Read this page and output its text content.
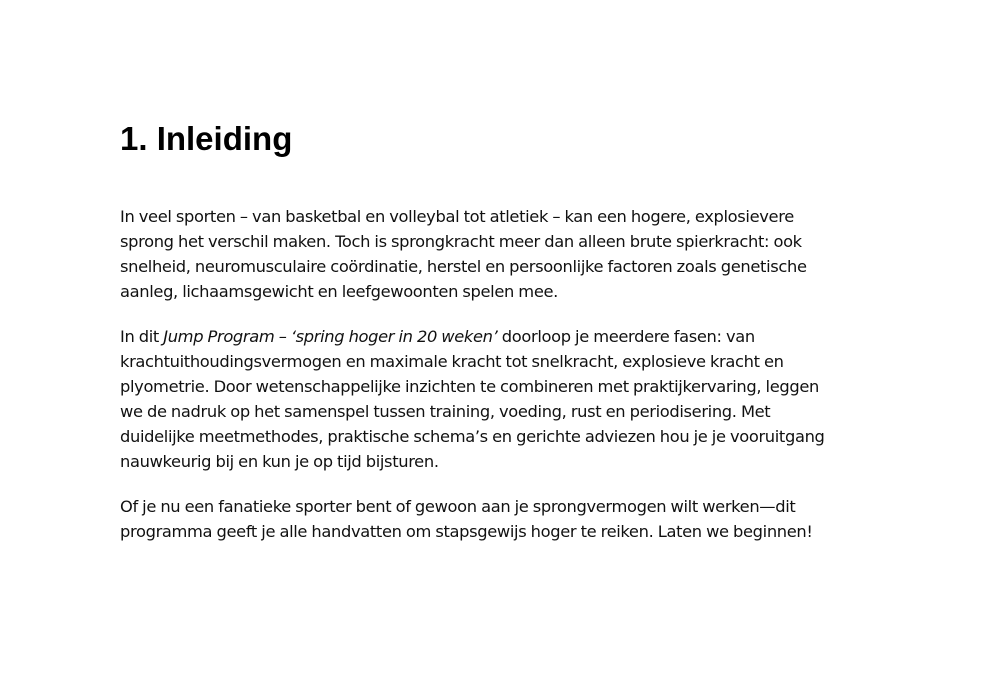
1. Inleiding

In veel sporten – van basketbal en volleybal tot atletiek – kan een hogere, explosievere
sprong het verschil maken. Toch is sprongkracht meer dan alleen brute spierkracht: ook
snelheid, neuromusculaire coördinatie, herstel en persoonlijke factoren zoals genetische
aanleg, lichaamsgewicht en leefgewoonten spelen mee.

In dit Jump Program – ‘spring hoger in 20 weken’ doorloop je meerdere fasen: van
krachtuithoudingsvermogen en maximale kracht tot snelkracht, explosieve kracht en
plyometrie. Door wetenschappelijke inzichten te combineren met praktijkervaring, leggen
we de nadruk op het samenspel tussen training, voeding, rust en periodisering. Met
duidelijke meetmethodes, praktische schema’s en gerichte adviezen hou je je vooruitgang
nauwkeurig bij en kun je op tijd bijsturen.

Of je nu een fanatieke sporter bent of gewoon aan je sprongvermogen wilt werken—dit
programma geeft je alle handvatten om stapsgewijs hoger te reiken. Laten we beginnen!
